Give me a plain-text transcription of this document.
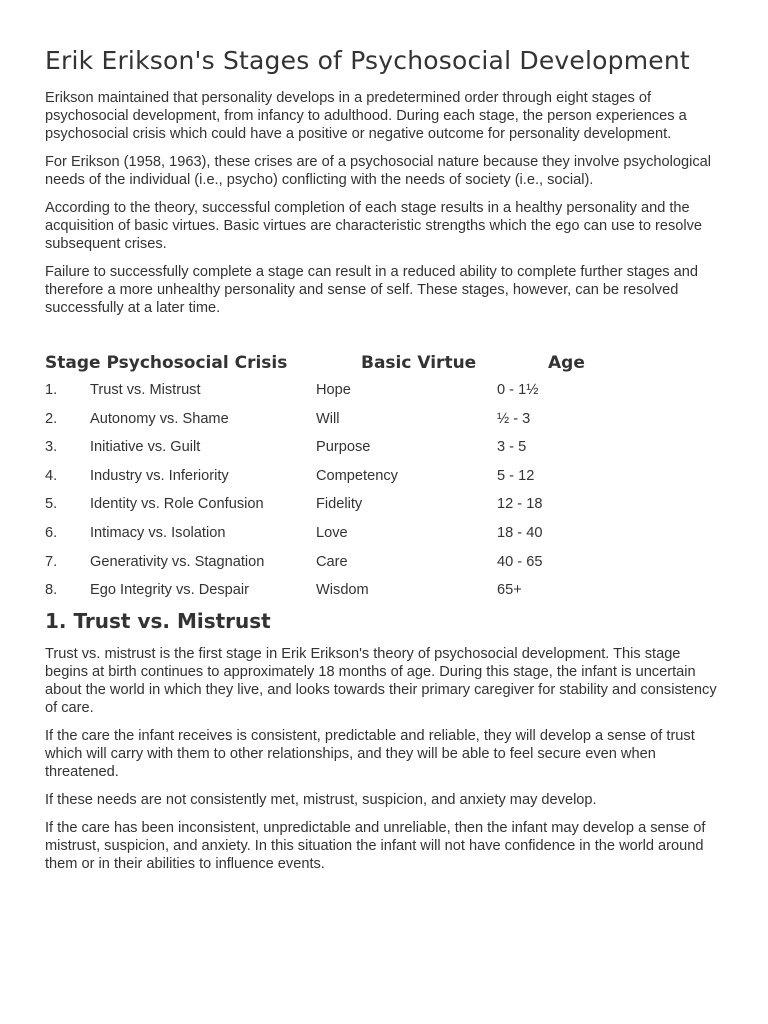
Erik Erikson's Stages of Psychosocial Development

Erikson maintained that personality develops in a predetermined order through eight stages of psychosocial development, from infancy to adulthood. During each stage, the person experiences a psychosocial crisis which could have a positive or negative outcome for personality development.

For Erikson (1958, 1963), these crises are of a psychosocial nature because they involve psychological needs of the individual (i.e., psycho) conflicting with the needs of society (i.e., social).

According to the theory, successful completion of each stage results in a healthy personality and the acquisition of basic virtues. Basic virtues are characteristic strengths which the ego can use to resolve subsequent crises.

Failure to successfully complete a stage can result in a reduced ability to complete further stages and therefore a more unhealthy personality and sense of self. These stages, however, can be resolved successfully at a later time.

Stage Psychosocial Crisis	Basic Virtue	Age
1. Trust vs. Mistrust	Hope	0 - 1½
2. Autonomy vs. Shame	Will	½ - 3
3. Initiative vs. Guilt	Purpose	3 - 5
4. Industry vs. Inferiority	Competency	5 - 12
5. Identity vs. Role Confusion	Fidelity	12 - 18
6. Intimacy vs. Isolation	Love	18 - 40
7. Generativity vs. Stagnation	Care	40 - 65
8. Ego Integrity vs. Despair	Wisdom	65+
1. Trust vs. Mistrust

Trust vs. mistrust is the first stage in Erik Erikson's theory of psychosocial development. This stage begins at birth continues to approximately 18 months of age. During this stage, the infant is uncertain about the world in which they live, and looks towards their primary caregiver for stability and consistency of care.

If the care the infant receives is consistent, predictable and reliable, they will develop a sense of trust which will carry with them to other relationships, and they will be able to feel secure even when threatened.

If these needs are not consistently met, mistrust, suspicion, and anxiety may develop.

If the care has been inconsistent, unpredictable and unreliable, then the infant may develop a sense of mistrust, suspicion, and anxiety. In this situation the infant will not have confidence in the world around them or in their abilities to influence events.
